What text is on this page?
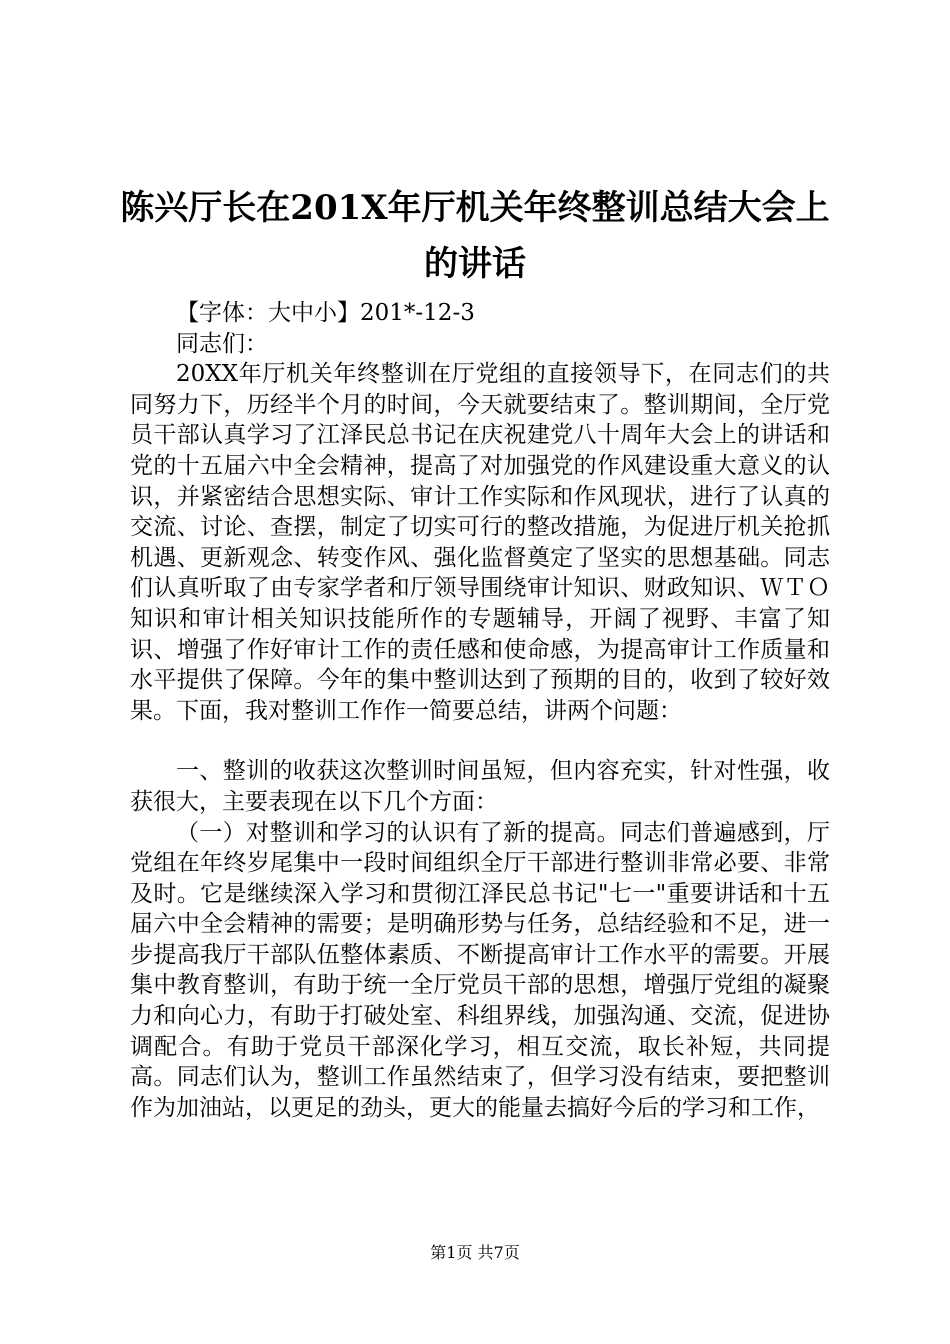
陈兴厅长在201X年厅机关年终整训总结大会上的讲话

【字体：大中小】201*-12-3

同志们：

20XX年厅机关年终整训在厅党组的直接领导下，在同志们的共同努力下，历经半个月的时间，今天就要结束了。整训期间，全厅党员干部认真学习了江泽民总书记在庆祝建党八十周年大会上的讲话和党的十五届六中全会精神，提高了对加强党的作风建设重大意义的认识，并紧密结合思想实际、审计工作实际和作风现状，进行了认真的交流、讨论、查摆，制定了切实可行的整改措施，为促进厅机关抢抓机遇、更新观念、转变作风、强化监督奠定了坚实的思想基础。同志们认真听取了由专家学者和厅领导围绕审计知识、财政知识、ＷＴＯ知识和审计相关知识技能所作的专题辅导，开阔了视野、丰富了知识、增强了作好审计工作的责任感和使命感，为提高审计工作质量和水平提供了保障。今年的集中整训达到了预期的目的，收到了较好效果。下面，我对整训工作作一简要总结，讲两个问题：

一、整训的收获这次整训时间虽短，但内容充实，针对性强，收获很大，主要表现在以下几个方面：

（一）对整训和学习的认识有了新的提高。同志们普遍感到，厅党组在年终岁尾集中一段时间组织全厅干部进行整训非常必要、非常及时。它是继续深入学习和贯彻江泽民总书记"七一"重要讲话和十五届六中全会精神的需要；是明确形势与任务，总结经验和不足，进一步提高我厅干部队伍整体素质、不断提高审计工作水平的需要。开展集中教育整训，有助于统一全厅党员干部的思想，增强厅党组的凝聚力和向心力，有助于打破处室、科组界线，加强沟通、交流，促进协调配合。有助于党员干部深化学习，相互交流，取长补短，共同提高。同志们认为，整训工作虽然结束了，但学习没有结束，要把整训作为加油站，以更足的劲头，更大的能量去搞好今后的学习和工作，

第1页 共7页
